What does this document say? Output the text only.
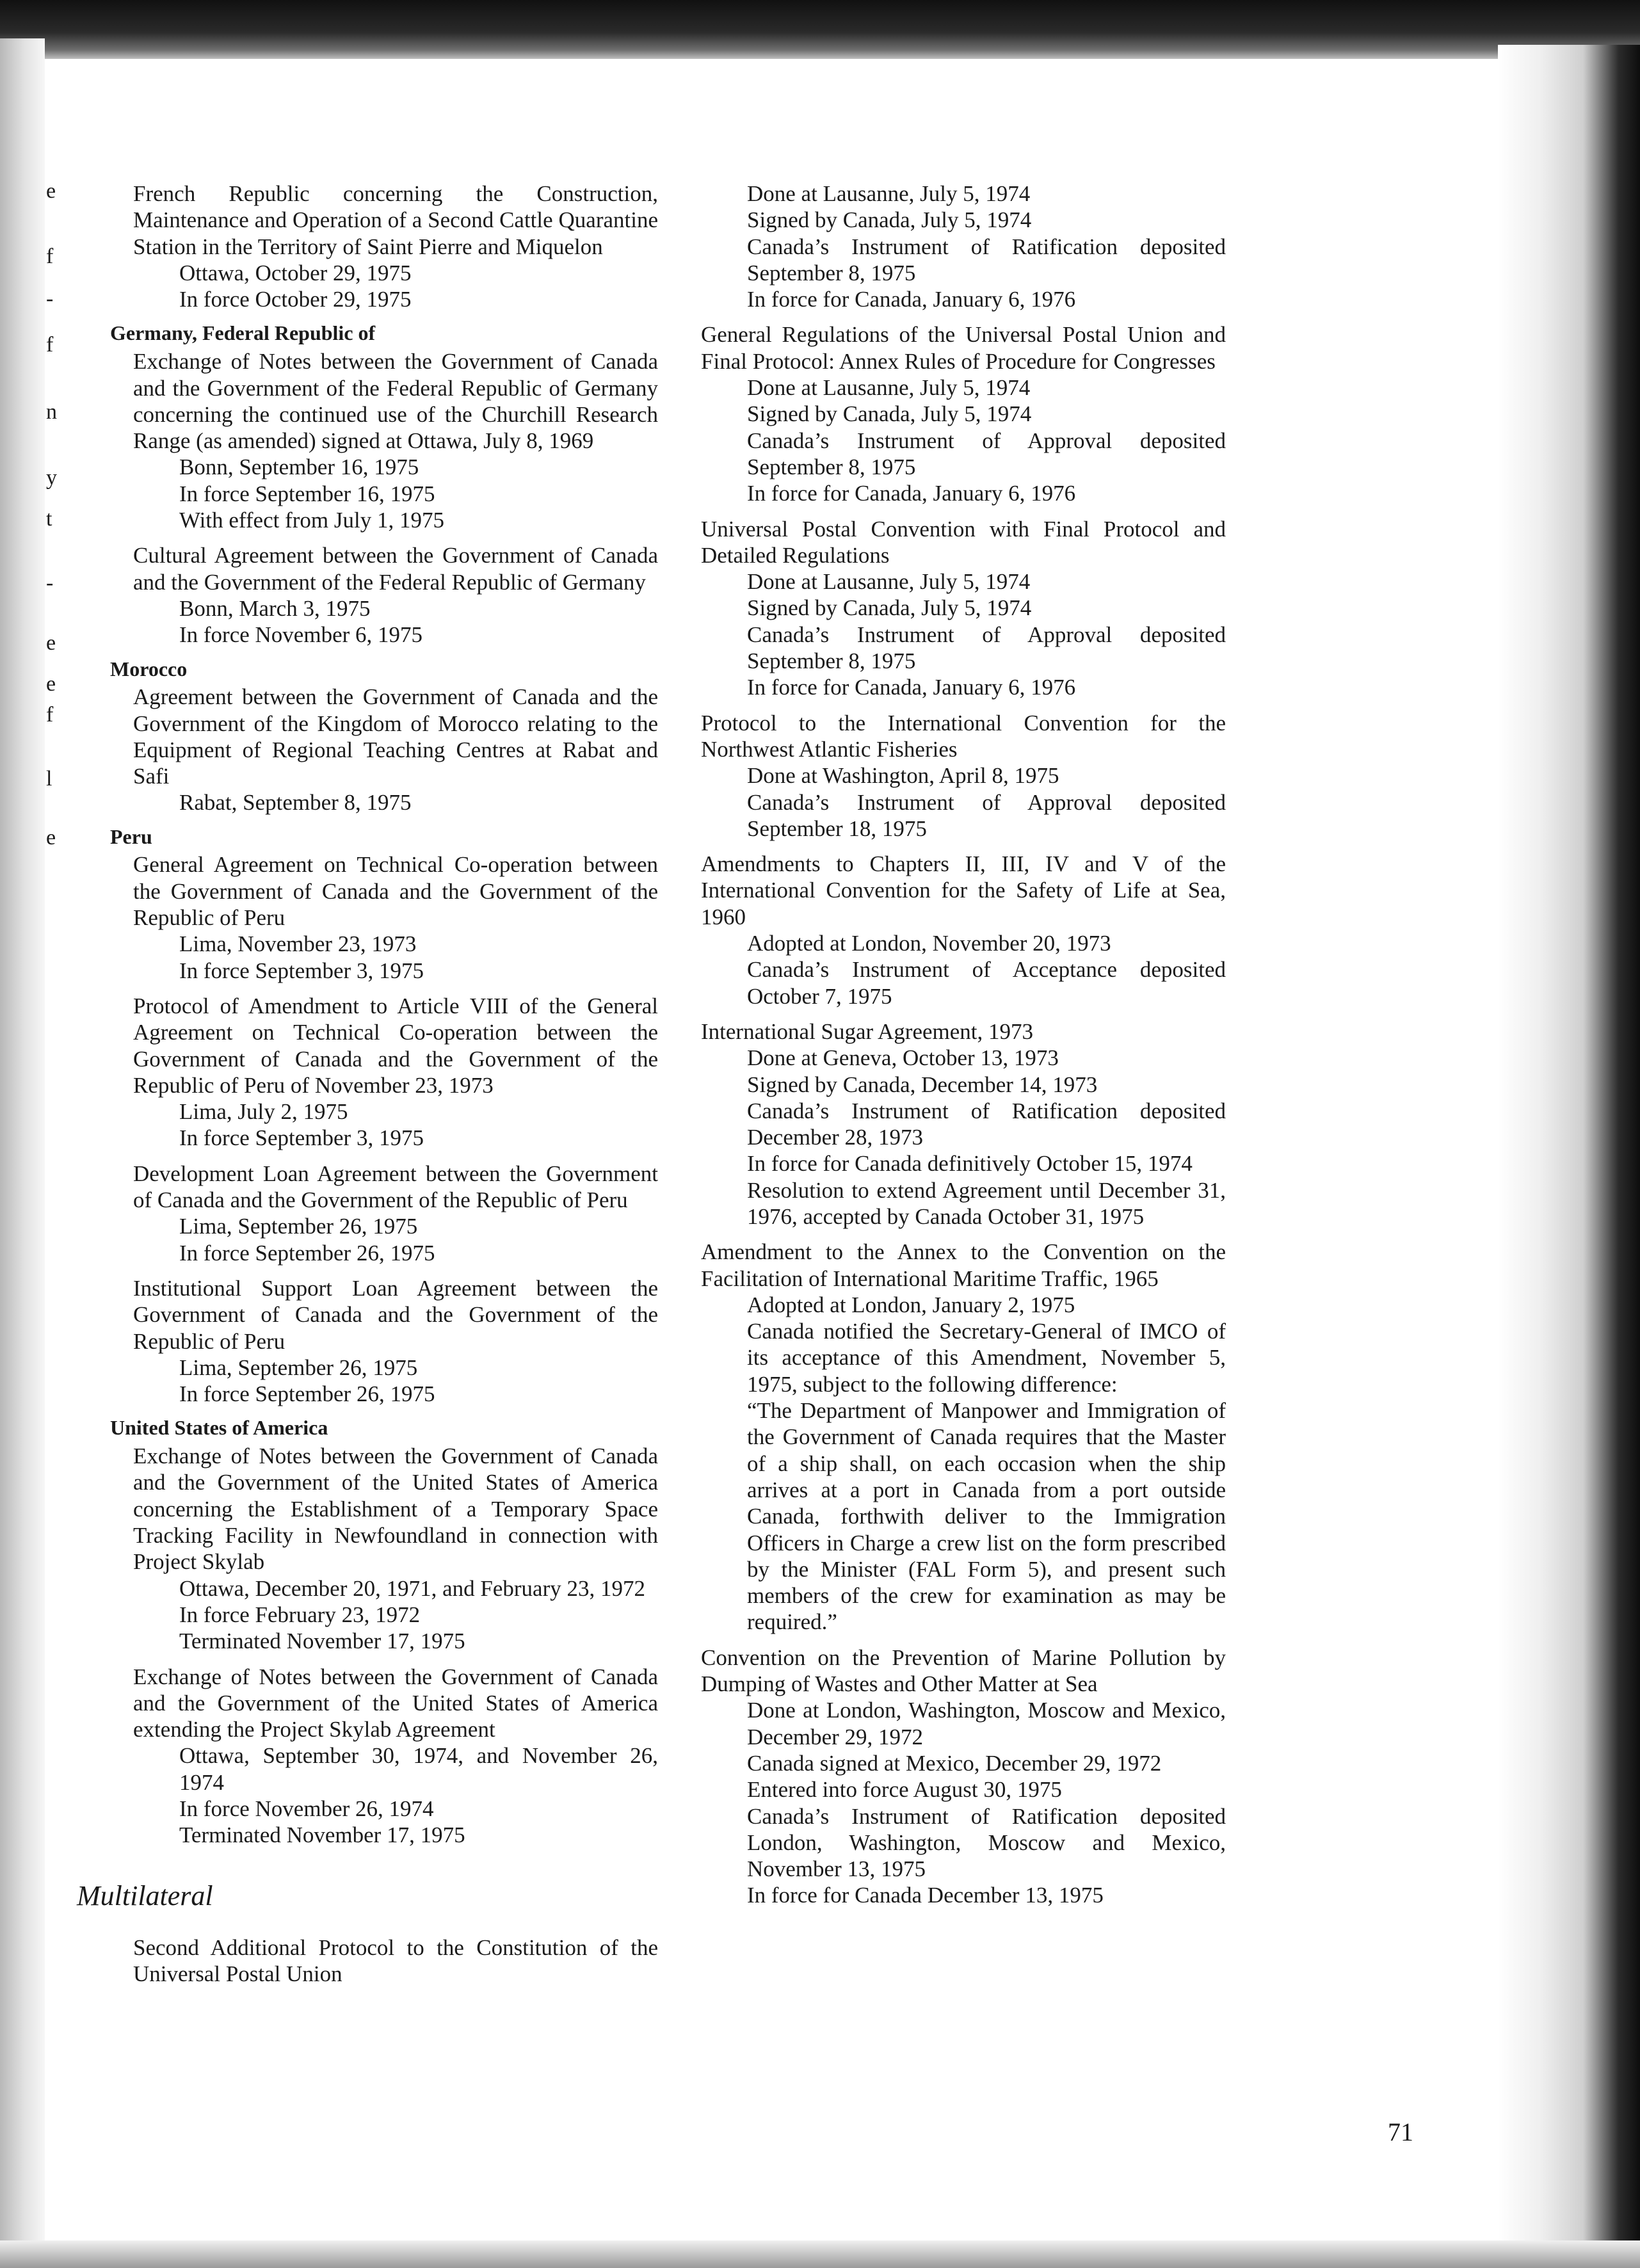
e
f
-
f
n
y
t
-
e
e
f
l
e

French Republic concerning the Construction, Maintenance and Operation of a Second Cattle Quarantine Station in the Territory of Saint Pierre and Miquelon

Ottawa, October 29, 1975

In force October 29, 1975

Germany, Federal Republic of

Exchange of Notes between the Government of Canada and the Government of the Federal Republic of Germany concerning the continued use of the Churchill Research Range (as amended) signed at Ottawa, July 8, 1969

Bonn, September 16, 1975

In force September 16, 1975

With effect from July 1, 1975

Cultural Agreement between the Government of Canada and the Government of the Federal Republic of Germany

Bonn, March 3, 1975

In force November 6, 1975

Morocco

Agreement between the Government of Canada and the Government of the Kingdom of Morocco relating to the Equipment of Regional Teaching Centres at Rabat and Safi

Rabat, September 8, 1975

Peru

General Agreement on Technical Co-operation between the Government of Canada and the Government of the Republic of Peru

Lima, November 23, 1973

In force September 3, 1975

Protocol of Amendment to Article VIII of the General Agreement on Technical Co-operation between the Government of Canada and the Government of the Republic of Peru of November 23, 1973

Lima, July 2, 1975

In force September 3, 1975

Development Loan Agreement between the Government of Canada and the Government of the Republic of Peru

Lima, September 26, 1975

In force September 26, 1975

Institutional Support Loan Agreement between the Government of Canada and the Government of the Republic of Peru

Lima, September 26, 1975

In force September 26, 1975

United States of America

Exchange of Notes between the Government of Canada and the Government of the United States of America concerning the Establishment of a Temporary Space Tracking Facility in Newfoundland in connection with Project Skylab

Ottawa, December 20, 1971, and February 23, 1972

In force February 23, 1972

Terminated November 17, 1975

Exchange of Notes between the Government of Canada and the Government of the United States of America extending the Project Skylab Agreement

Ottawa, September 30, 1974, and November 26, 1974

In force November 26, 1974

Terminated November 17, 1975

Multilateral

Second Additional Protocol to the Constitution of the Universal Postal Union

Done at Lausanne, July 5, 1974

Signed by Canada, July 5, 1974

Canada’s Instrument of Ratification deposited September 8, 1975

In force for Canada, January 6, 1976

General Regulations of the Universal Postal Union and Final Protocol: Annex Rules of Procedure for Congresses

Done at Lausanne, July 5, 1974

Signed by Canada, July 5, 1974

Canada’s Instrument of Approval deposited September 8, 1975

In force for Canada, January 6, 1976

Universal Postal Convention with Final Protocol and Detailed Regulations

Done at Lausanne, July 5, 1974

Signed by Canada, July 5, 1974

Canada’s Instrument of Approval deposited September 8, 1975

In force for Canada, January 6, 1976

Protocol to the International Convention for the Northwest Atlantic Fisheries

Done at Washington, April 8, 1975

Canada’s Instrument of Approval deposited September 18, 1975

Amendments to Chapters II, III, IV and V of the International Convention for the Safety of Life at Sea, 1960

Adopted at London, November 20, 1973

Canada’s Instrument of Acceptance deposited October 7, 1975

International Sugar Agreement, 1973

Done at Geneva, October 13, 1973

Signed by Canada, December 14, 1973

Canada’s Instrument of Ratification deposited December 28, 1973

In force for Canada definitively October 15, 1974

Resolution to extend Agreement until December 31, 1976, accepted by Canada October 31, 1975

Amendment to the Annex to the Convention on the Facilitation of International Maritime Traffic, 1965

Adopted at London, January 2, 1975

Canada notified the Secretary-General of IMCO of its acceptance of this Amendment, November 5, 1975, subject to the following difference:

“The Department of Manpower and Immigration of the Government of Canada requires that the Master of a ship shall, on each occasion when the ship arrives at a port in Canada from a port outside Canada, forthwith deliver to the Immigration Officers in Charge a crew list on the form prescribed by the Minister (FAL Form 5), and present such members of the crew for examination as may be required.”

Convention on the Prevention of Marine Pollution by Dumping of Wastes and Other Matter at Sea

Done at London, Washington, Moscow and Mexico, December 29, 1972

Canada signed at Mexico, December 29, 1972

Entered into force August 30, 1975

Canada’s Instrument of Ratification deposited London, Washington, Moscow and Mexico, November 13, 1975

In force for Canada December 13, 1975

71
